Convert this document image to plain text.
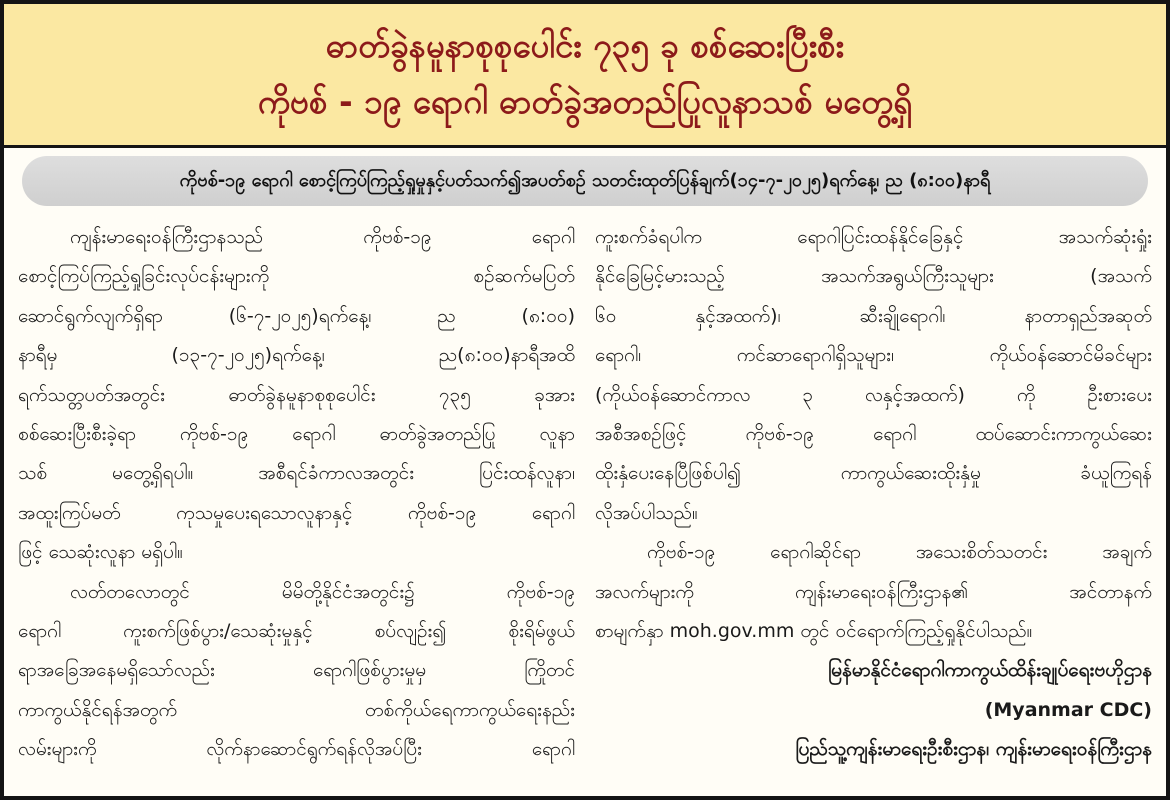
ဓာတ်ခွဲနမူနာစုစုပေါင်း ၇၃၅ ခု စစ်ဆေးပြီးစီး
ကိုဗစ် - ၁၉ ရောဂါ ဓာတ်ခွဲအတည်ပြုလူနာသစ် မတွေ့ရှိ
ကိုဗစ်-၁၉ ရောဂါ စောင့်ကြပ်ကြည့်ရှုမှုနှင့်ပတ်သက်၍အပတ်စဉ် သတင်းထုတ်ပြန်ချက်(၁၄-၇-၂၀၂၅)ရက်နေ့၊ ည (၈:၀၀)နာရီ
ကျန်းမာရေးဝန်ကြီးဌာနသည် ကိုဗစ်-၁၉ ရောဂါ
စောင့်ကြပ်ကြည့်ရှုခြင်းလုပ်ငန်းများကို စဉ်ဆက်မပြတ်
ဆောင်ရွက်လျက်ရှိရာ (၆-၇-၂၀၂၅)ရက်နေ့၊ ည (၈:၀၀)
နာရီမှ (၁၃-၇-၂၀၂၅)ရက်နေ့၊ ည(၈:၀၀)နာရီအထိ
ရက်သတ္တပတ်အတွင်း ဓာတ်ခွဲနမူနာစုစုပေါင်း ၇၃၅ ခုအား
စစ်ဆေးပြီးစီးခဲ့ရာ ကိုဗစ်-၁၉ ရောဂါ ဓာတ်ခွဲအတည်ပြု လူနာ
သစ် မတွေ့ရှိရပါ။ အစီရင်ခံကာလအတွင်း ပြင်းထန်လူနာ၊
အထူးကြပ်မတ် ကုသမှုပေးရသောလူနာနှင့် ကိုဗစ်-၁၉ ရောဂါ
ဖြင့် သေဆုံးလူနာ မရှိပါ။
လတ်တလောတွင် မိမိတို့နိုင်ငံအတွင်း၌ ကိုဗစ်-၁၉
ရောဂါ ကူးစက်ဖြစ်ပွား/သေဆုံးမှုနှင့် စပ်လျဉ်း၍ စိုးရိမ်ဖွယ်
ရာအခြေအနေမရှိသော်လည်း ရောဂါဖြစ်ပွားမှုမှ ကြိုတင်
ကာကွယ်နိုင်ရန်အတွက် တစ်ကိုယ်ရေကာကွယ်ရေးနည်း
လမ်းများကို လိုက်နာဆောင်ရွက်ရန်လိုအပ်ပြီး ရောဂါ
ကူးစက်ခံရပါက ရောဂါပြင်းထန်နိုင်ခြေနှင့် အသက်ဆုံးရှုံး
နိုင်ခြေမြင့်မားသည့် အသက်အရွယ်ကြီးသူများ (အသက်
၆၀ နှင့်အထက်)၊ ဆီးချိုရောဂါ၊ နာတာရှည်အဆုတ်
ရောဂါ၊ ကင်ဆာရောဂါရှိသူများ၊ ကိုယ်ဝန်ဆောင်မိခင်များ
(ကိုယ်ဝန်ဆောင်ကာလ ၃ လနှင့်အထက်) ကို ဦးစားပေး
အစီအစဉ်ဖြင့် ကိုဗစ်-၁၉ ရောဂါ ထပ်ဆောင်းကာကွယ်ဆေး
ထိုးနှံပေးနေပြီဖြစ်ပါ၍ ကာကွယ်ဆေးထိုးနှံမှု ခံယူကြရန်
လိုအပ်ပါသည်။
ကိုဗစ်-၁၉ ရောဂါဆိုင်ရာ အသေးစိတ်သတင်း အချက်
အလက်များကို ကျန်းမာရေးဝန်ကြီးဌာန၏ အင်တာနက်
စာမျက်နှာ moh.gov.mm တွင် ဝင်ရောက်ကြည့်ရှုနိုင်ပါသည်။
မြန်မာနိုင်ငံရောဂါကာကွယ်ထိန်းချုပ်ရေးဗဟိုဌာန
(Myanmar CDC)
ပြည်သူ့ကျန်းမာရေးဦးစီးဌာန၊ ကျန်းမာရေးဝန်ကြီးဌာန
